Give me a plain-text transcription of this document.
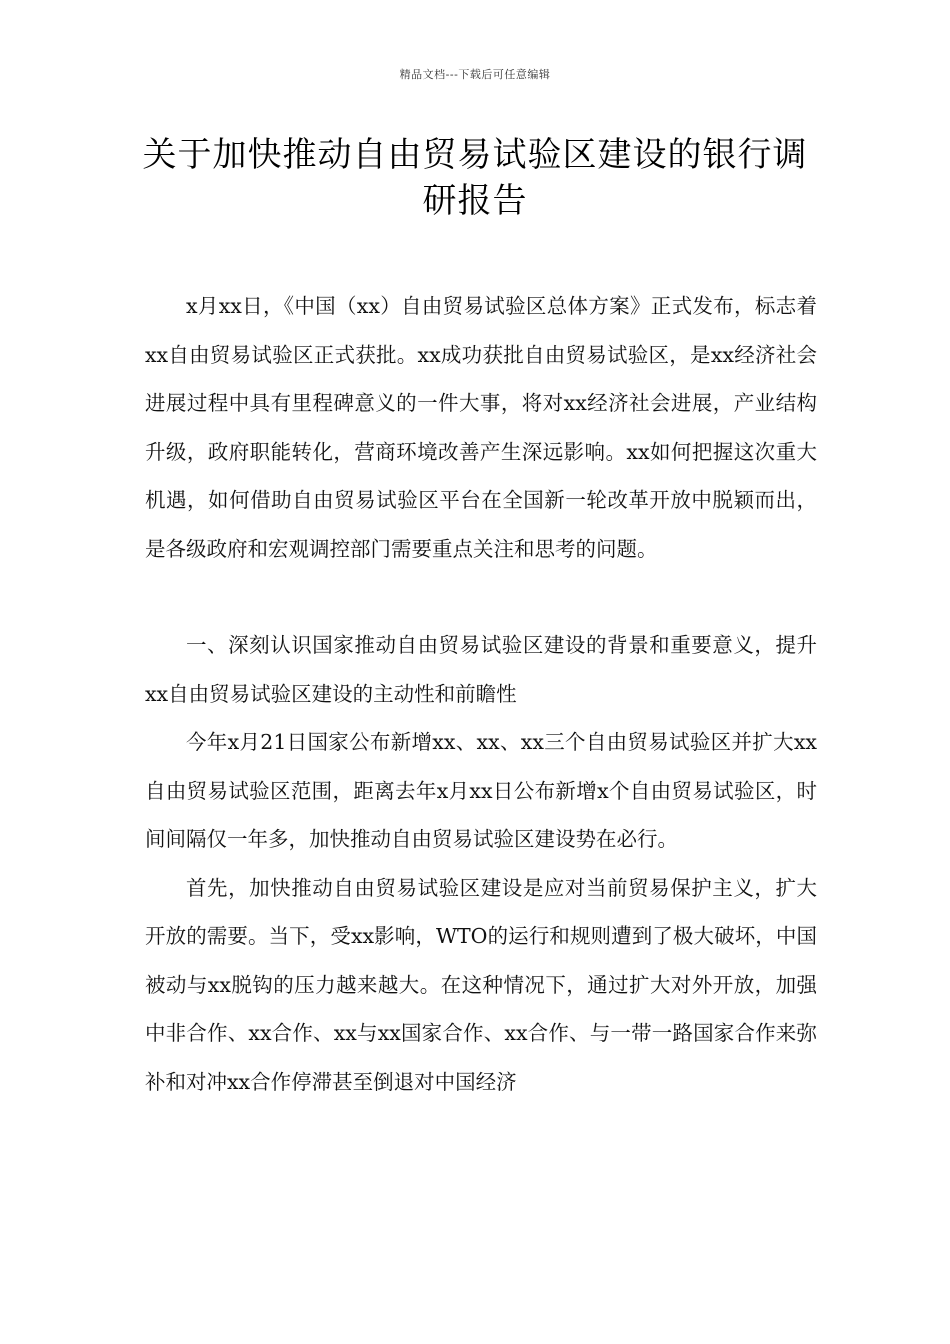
精品文档---下载后可任意编辑
关于加快推动自由贸易试验区建设的银行调研报告

x月xx日，《中国（xx）自由贸易试验区总体方案》正式发布，标志着xx自由贸易试验区正式获批。xx成功获批自由贸易试验区，是xx经济社会进展过程中具有里程碑意义的一件大事，将对xx经济社会进展，产业结构升级，政府职能转化，营商环境改善产生深远影响。xx如何把握这次重大机遇，如何借助自由贸易试验区平台在全国新一轮改革开放中脱颖而出，是各级政府和宏观调控部门需要重点关注和思考的问题。

一、深刻认识国家推动自由贸易试验区建设的背景和重要意义，提升xx自由贸易试验区建设的主动性和前瞻性

今年x月21日国家公布新增xx、xx、xx三个自由贸易试验区并扩大xx自由贸易试验区范围，距离去年x月xx日公布新增x个自由贸易试验区，时间间隔仅一年多，加快推动自由贸易试验区建设势在必行。

首先，加快推动自由贸易试验区建设是应对当前贸易保护主义，扩大开放的需要。当下，受xx影响，WTO的运行和规则遭到了极大破坏，中国被动与xx脱钩的压力越来越大。在这种情况下，通过扩大对外开放，加强中非合作、xx合作、xx与xx国家合作、xx合作、与一带一路国家合作来弥补和对冲xx合作停滞甚至倒退对中国经济
